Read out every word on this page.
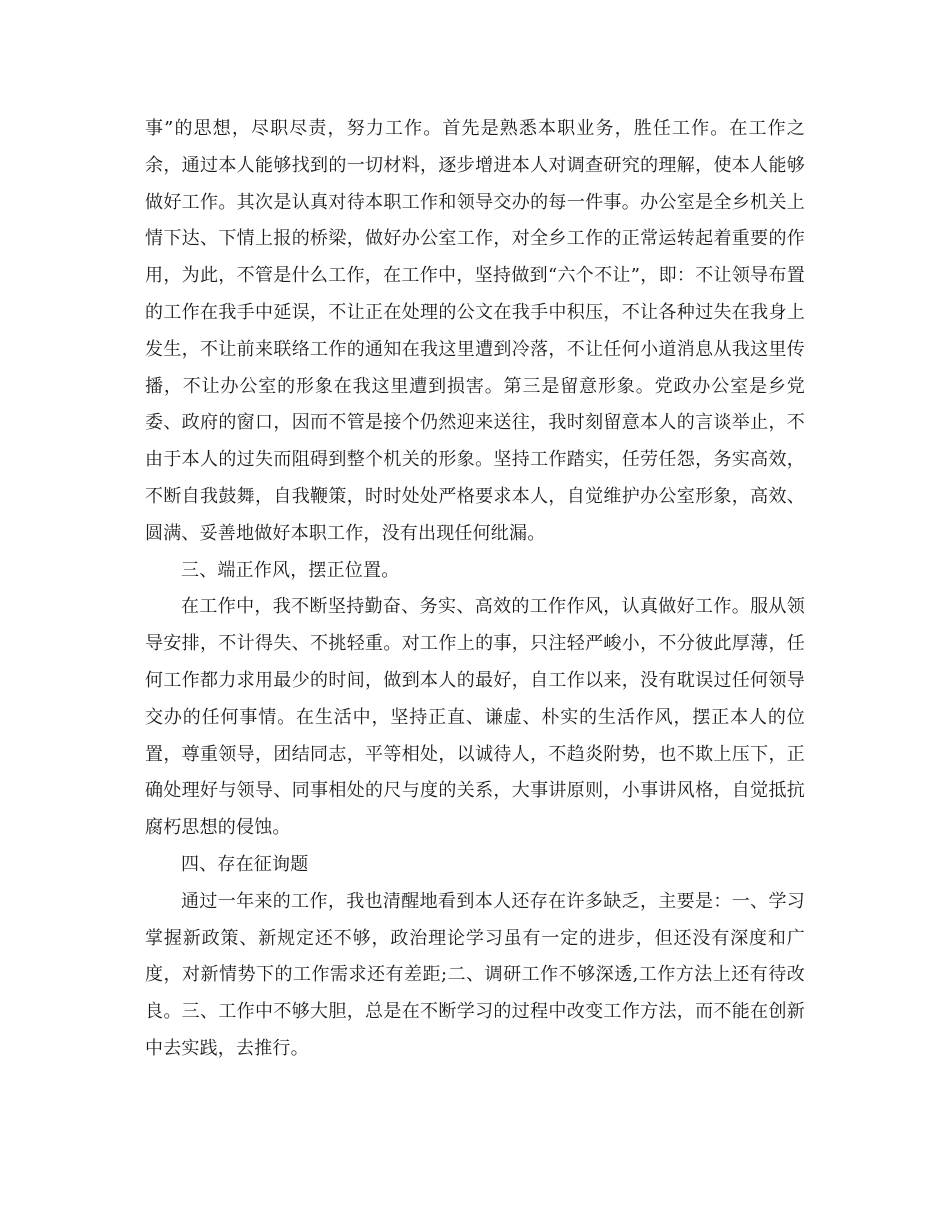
事”的思想，尽职尽责，努力工作。首先是熟悉本职业务，胜任工作。在工作之余，通过本人能够找到的一切材料，逐步增进本人对调查研究的理解，使本人能够做好工作。其次是认真对待本职工作和领导交办的每一件事。办公室是全乡机关上情下达、下情上报的桥梁，做好办公室工作，对全乡工作的正常运转起着重要的作用，为此，不管是什么工作，在工作中，坚持做到“六个不让”，即：不让领导布置的工作在我手中延误，不让正在处理的公文在我手中积压，不让各种过失在我身上发生，不让前来联络工作的通知在我这里遭到冷落，不让任何小道消息从我这里传播，不让办公室的形象在我这里遭到损害。第三是留意形象。党政办公室是乡党委、政府的窗口，因而不管是接个仍然迎来送往，我时刻留意本人的言谈举止，不由于本人的过失而阻碍到整个机关的形象。坚持工作踏实，任劳任怨，务实高效，不断自我鼓舞，自我鞭策，时时处处严格要求本人，自觉维护办公室形象，高效、圆满、妥善地做好本职工作，没有出现任何纰漏。

三、端正作风，摆正位置。

在工作中，我不断坚持勤奋、务实、高效的工作作风，认真做好工作。服从领导安排，不计得失、不挑轻重。对工作上的事，只注轻严峻小，不分彼此厚薄，任何工作都力求用最少的时间，做到本人的最好，自工作以来，没有耽误过任何领导交办的任何事情。在生活中，坚持正直、谦虚、朴实的生活作风，摆正本人的位置，尊重领导，团结同志，平等相处，以诚待人，不趋炎附势，也不欺上压下，正确处理好与领导、同事相处的尺与度的关系，大事讲原则，小事讲风格，自觉抵抗腐朽思想的侵蚀。

四、存在征询题

通过一年来的工作，我也清醒地看到本人还存在许多缺乏，主要是：一、学习掌握新政策、新规定还不够，政治理论学习虽有一定的进步，但还没有深度和广度，对新情势下的工作需求还有差距;二、调研工作不够深透,工作方法上还有待改良。三、工作中不够大胆，总是在不断学习的过程中改变工作方法，而不能在创新中去实践，去推行。
